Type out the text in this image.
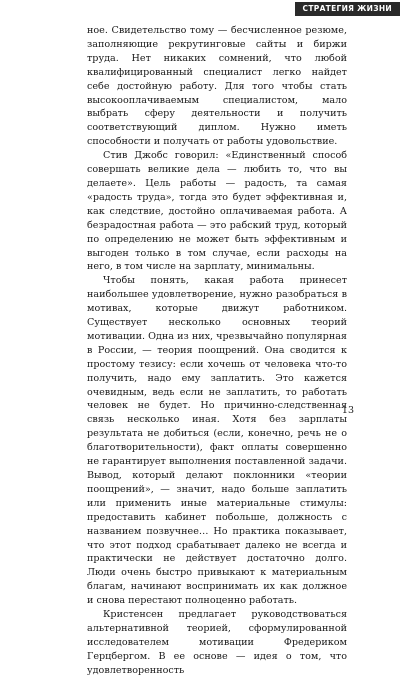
СТРАТЕГИЯ ЖИЗНИ

ное. Свидетельство тому — бесчисленное резюме, заполняющие рекрутинговые сайты и биржи труда. Нет никаких сомнений, что любой квалифицированный специалист легко найдет себе достойную работу. Для того чтобы стать высокооплачиваемым специалистом, мало выбрать сферу деятельности и получить соответствующий диплом. Нужно иметь способности и получать от работы удовольствие.

Стив Джобс говорил: «Единственный способ совершать великие дела — любить то, что вы делаете». Цель работы — радость, та самая «радость труда», тогда это будет эффективная и, как следствие, достойно оплачиваемая работа. А безрадостная работа — это рабский труд, который по определению не может быть эффективным и выгоден только в том случае, если расходы на него, в том числе на зарплату, минимальны.

Чтобы понять, какая работа принесет наибольшее удовлетворение, нужно разобраться в мотивах, которые движут работником. Существует несколько основных теорий мотивации. Одна из них, чрезвычайно популярная в России, — теория поощрений. Она сводится к простому тезису: если хочешь от человека что-то получить, надо ему заплатить. Это кажется очевидным, ведь если не заплатить, то работать человек не будет. Но причинно-следственная связь несколько иная. Хотя без зарплаты результата не добиться (если, конечно, речь не о благотворительности), факт оплаты совершенно не гарантирует выполнения поставленной задачи. Вывод, который делают поклонники «теории поощрений», — значит, надо больше заплатить или применить иные материальные стимулы: предоставить кабинет побольше, должность с названием позвучнее… Но практика показывает, что этот подход срабатывает далеко не всегда и практически не действует достаточно долго. Люди очень быстро привыкают к материальным благам, начинают воспринимать их как должное и снова перестают полноценно работать.

Кристенсен предлагает руководствоваться альтернативной теорией, сформулированной исследователем мотивации Фредериком Герцбергом. В ее основе — идея о том, что удовлетворенность

13
